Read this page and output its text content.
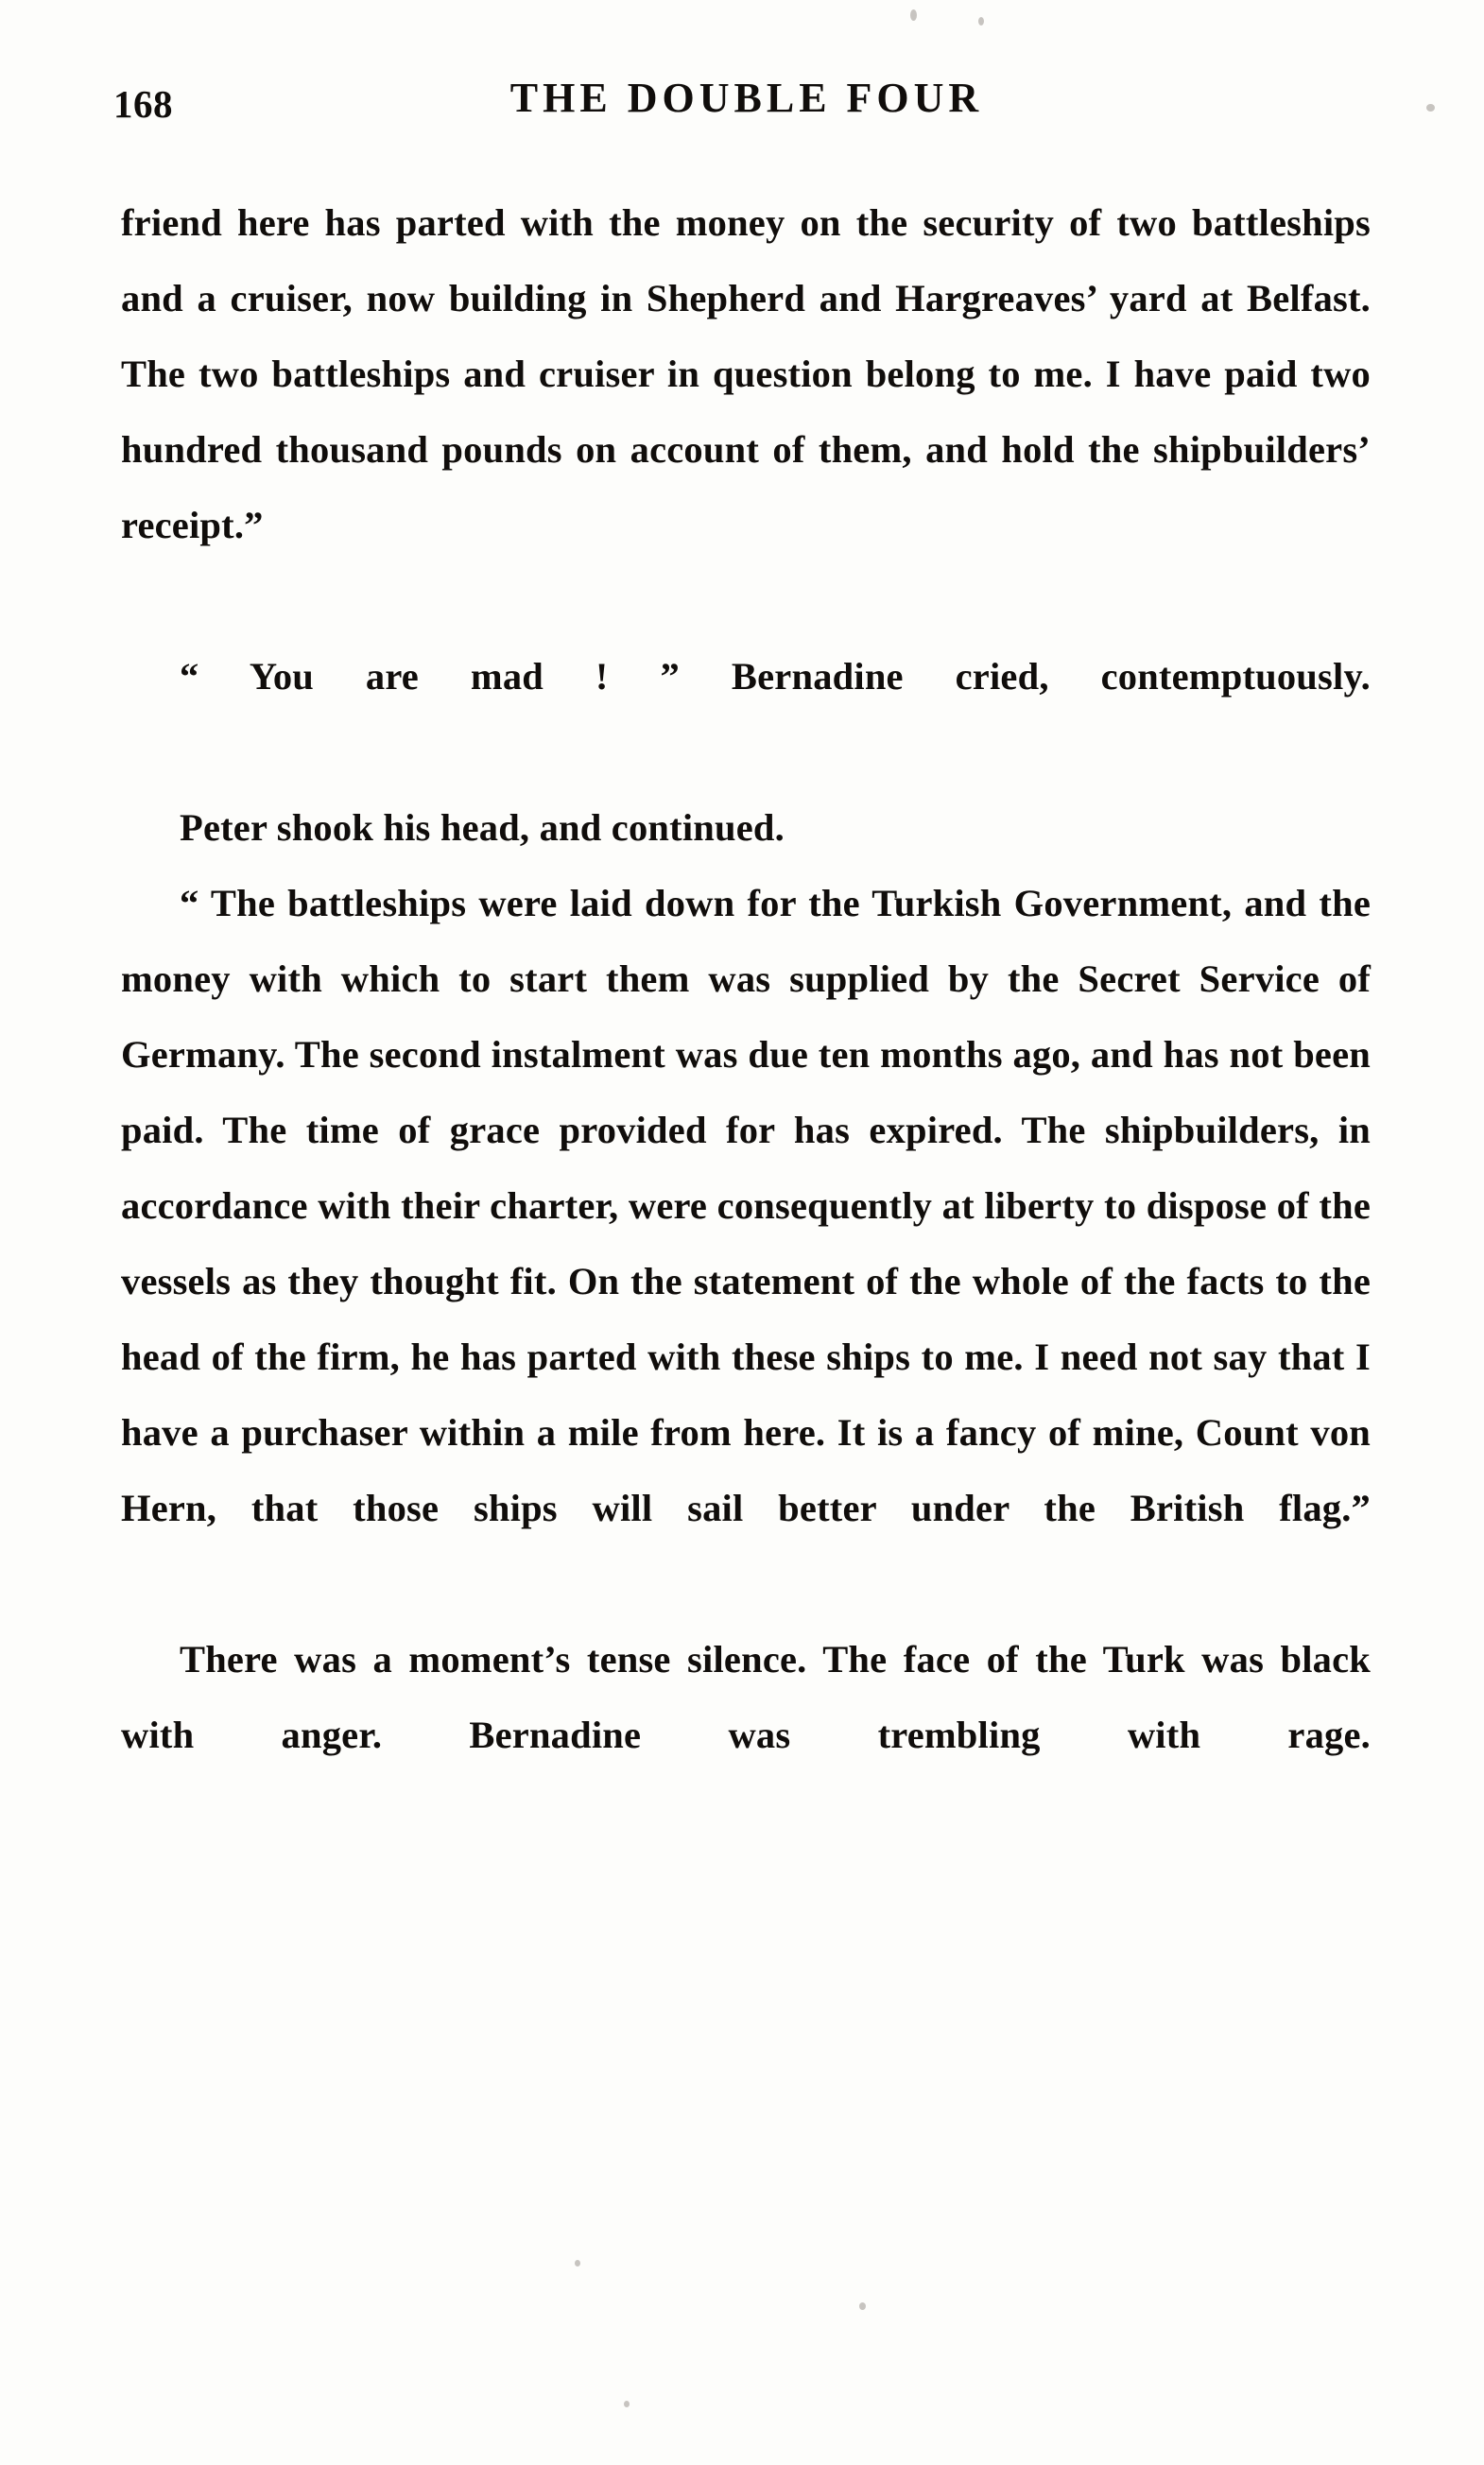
168	THE DOUBLE FOUR

friend here has parted with the money on the security of two battleships and a cruiser, now building in Shepherd and Hargreaves’ yard at Belfast. The two battleships and cruiser in question belong to me. I have paid two hundred thousand pounds on account of them, and hold the shipbuilders’ receipt.”

“ You are mad ! ” Bernadine cried, contemptuously.

Peter shook his head, and continued.

“ The battleships were laid down for the Turkish Government, and the money with which to start them was supplied by the Secret Service of Germany. The second instalment was due ten months ago, and has not been paid. The time of grace provided for has expired. The shipbuilders, in accordance with their charter, were consequently at liberty to dispose of the vessels as they thought fit. On the statement of the whole of the facts to the head of the firm, he has parted with these ships to me. I need not say that I have a purchaser within a mile from here. It is a fancy of mine, Count von Hern, that those ships will sail better under the British flag.”

There was a moment’s tense silence. The face of the Turk was black with anger. Bernadine was trembling with rage.
